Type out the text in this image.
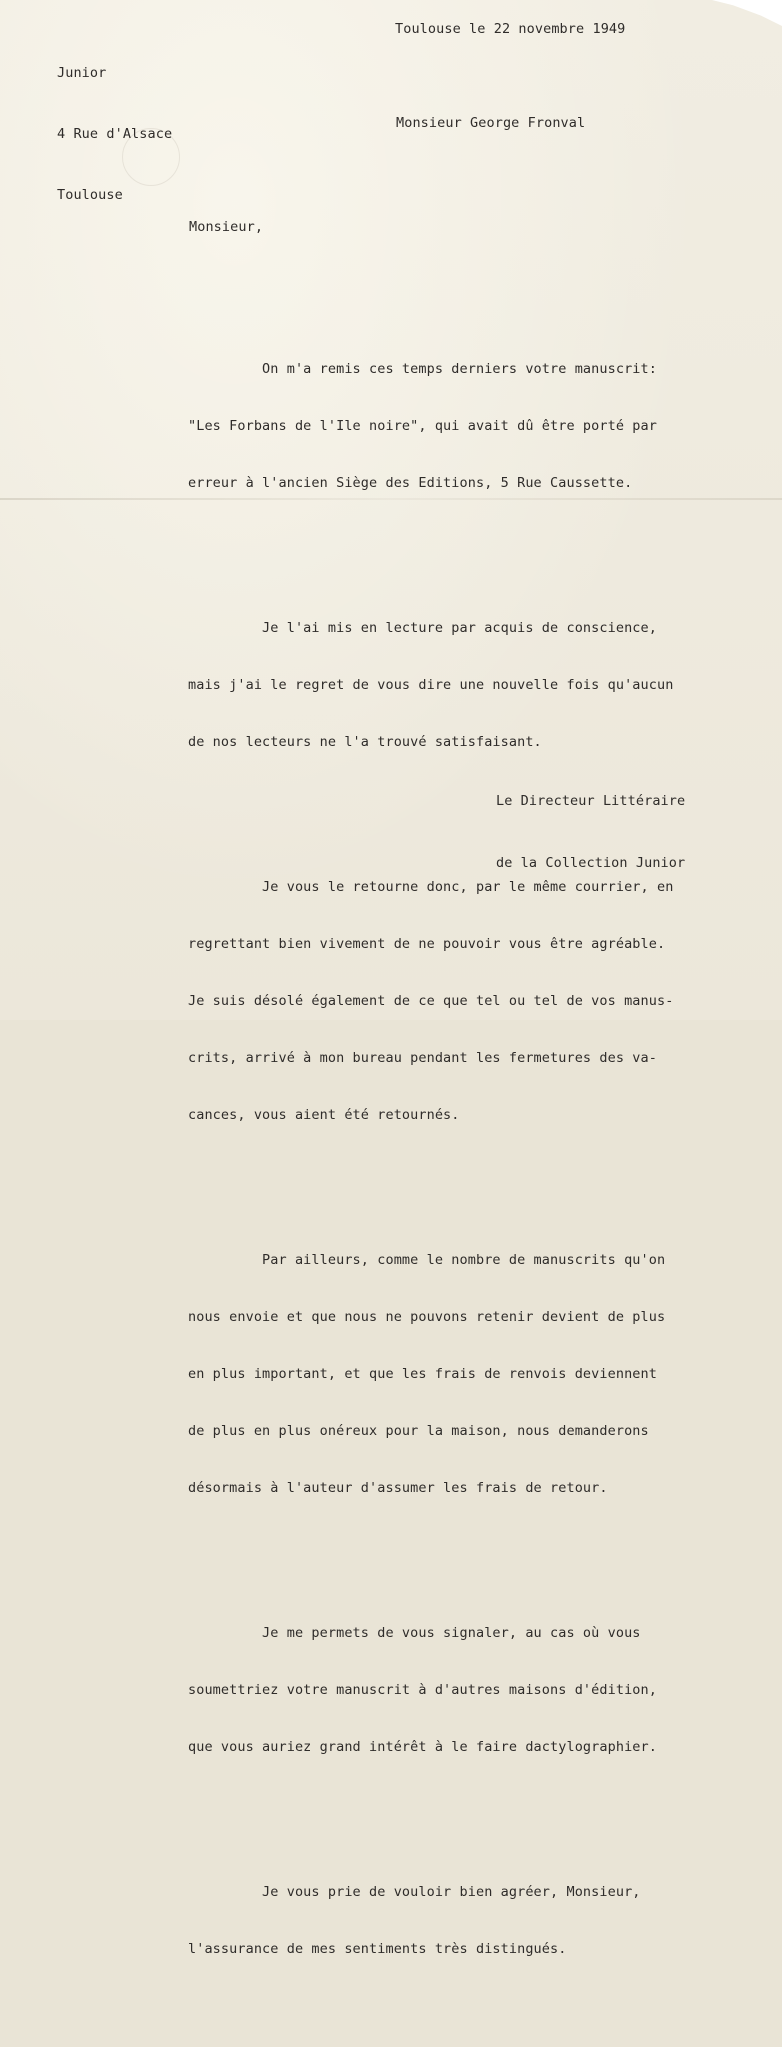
Junior

4 Rue d'Alsace

Toulouse

Toulouse le 22 novembre 1949
Monsieur George Fronval
Monsieur,

On m'a remis ces temps derniers votre manuscrit:

"Les Forbans de l'Ile noire", qui avait dû être porté par

erreur à l'ancien Siège des Editions, 5 Rue Caussette.

Je l'ai mis en lecture par acquis de conscience,

mais j'ai le regret de vous dire une nouvelle fois qu'aucun

de nos lecteurs ne l'a trouvé satisfaisant.

Je vous le retourne donc, par le même courrier, en

regrettant bien vivement de ne pouvoir vous être agréable.

Je suis désolé également de ce que tel ou tel de vos manus-

crits, arrivé à mon bureau pendant les fermetures des va-

cances, vous aient été retournés.

Par ailleurs, comme le nombre de manuscrits qu'on

nous envoie et que nous ne pouvons retenir devient de plus

en plus important, et que les frais de renvois deviennent

de plus en plus onéreux pour la maison, nous demanderons

désormais à l'auteur d'assumer les frais de retour.

Je me permets de vous signaler, au cas où vous

soumettriez votre manuscrit à d'autres maisons d'édition,

que vous auriez grand intérêt à le faire dactylographier.

Je vous prie de vouloir bien agréer, Monsieur,

l'assurance de mes sentiments très distingués.

Le Directeur Littéraire

de la Collection Junior
